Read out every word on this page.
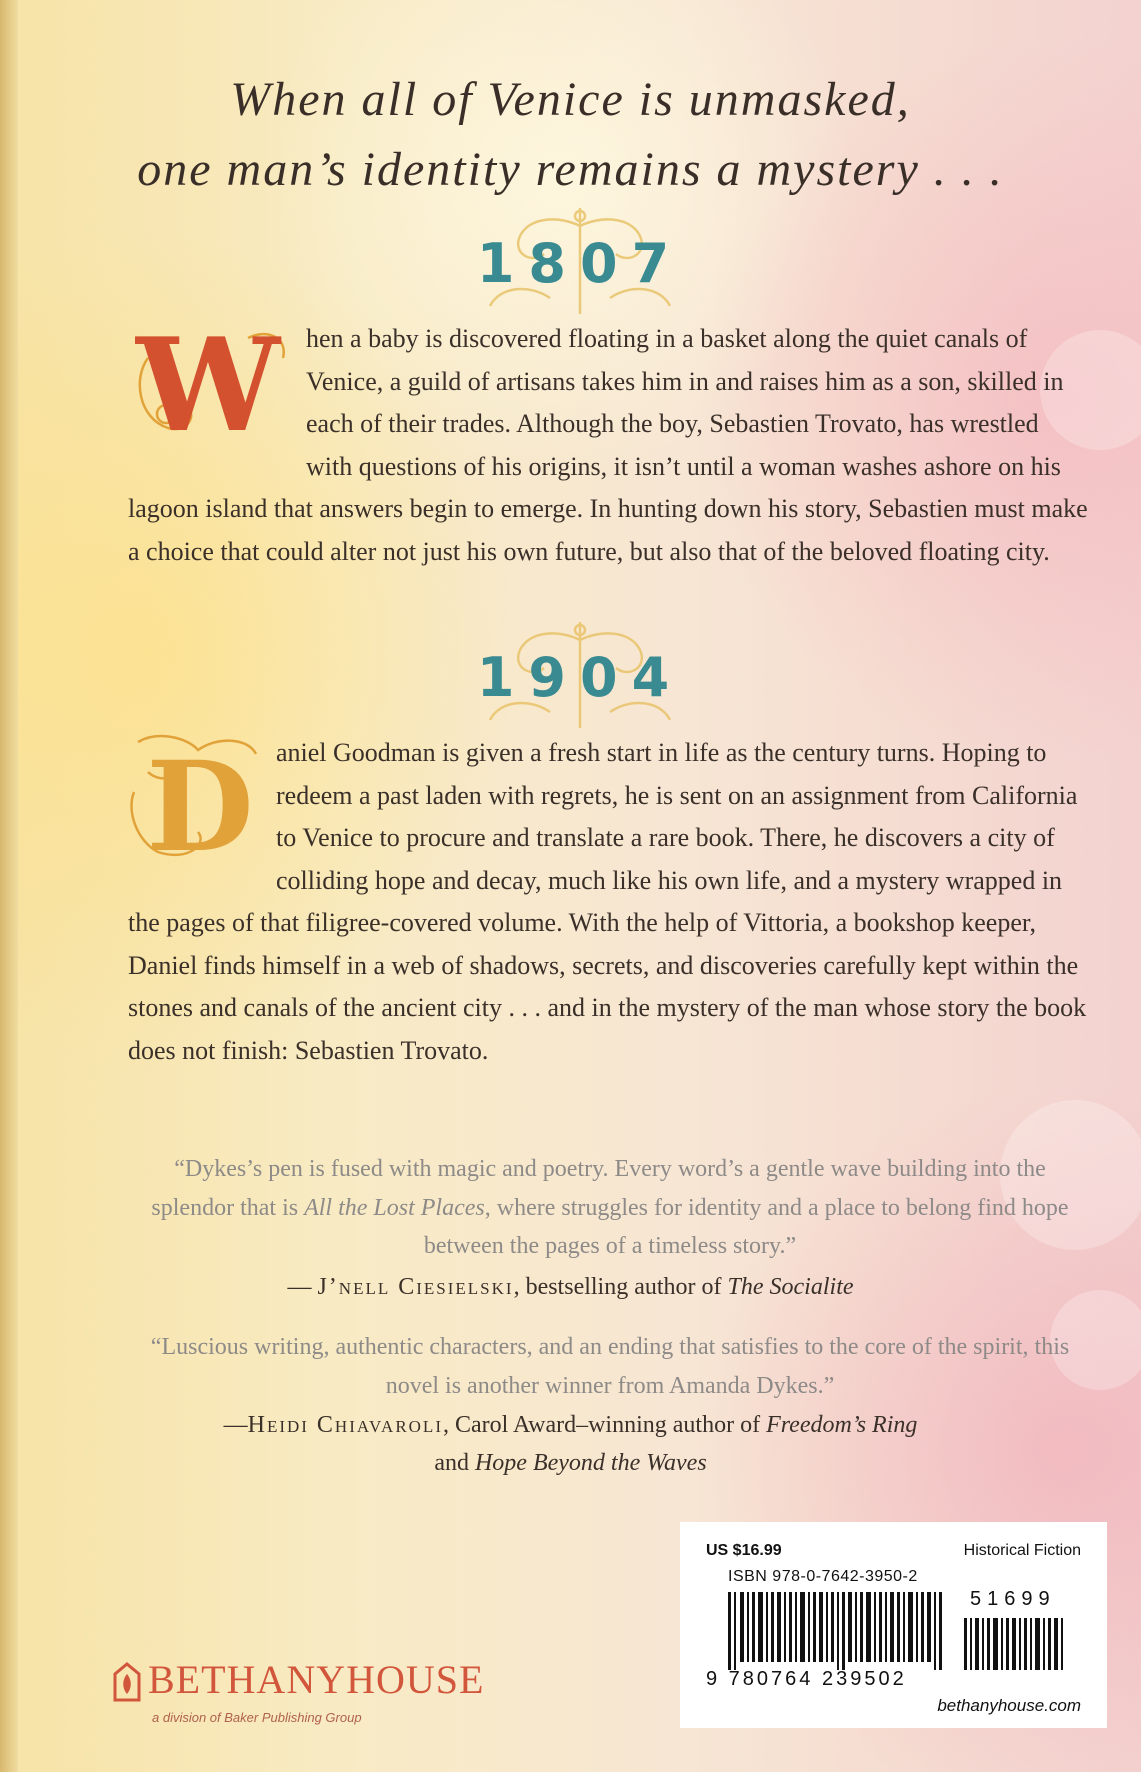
When all of Venice is unmasked,

one man’s identity remains a mystery . . .

1807

W hen a baby is discovered floating in a basket along the quiet canals of Venice, a guild of artisans takes him in and raises him as a son, skilled in each of their trades. Although the boy, Sebastien Trovato, has wrestled with questions of his origins, it isn’t until a woman washes ashore on his lagoon island that answers begin to emerge. In hunting down his story, Sebastien must make a choice that could alter not just his own future, but also that of the beloved floating city.

1904

D aniel Goodman is given a fresh start in life as the century turns. Hoping to redeem a past laden with regrets, he is sent on an assignment from California to Venice to procure and translate a rare book. There, he discovers a city of colliding hope and decay, much like his own life, and a mystery wrapped in the pages of that filigree-covered volume. With the help of Vittoria, a bookshop keeper, Daniel finds himself in a web of shadows, secrets, and discoveries carefully kept within the stones and canals of the ancient city . . . and in the mystery of the man whose story the book does not finish: Sebastien Trovato.

“Dykes’s pen is fused with magic and poetry. Every word’s a gentle wave building into the splendor that is All the Lost Places, where struggles for identity and a place to belong find hope between the pages of a timeless story.”

— J’nell Ciesielski, bestselling author of The Socialite

“Luscious writing, authentic characters, and an ending that satisfies to the core of the spirit, this novel is another winner from Amanda Dykes.”

—Heidi Chiavaroli, Carol Award–winning author of Freedom’s Ring

and Hope Beyond the Waves

US $16.99	Historical Fiction
ISBN 978-0-7642-3950-2
51699
9 780764 239502
bethanyhouse.com

BETHANYHOUSE

a division of Baker Publishing Group
